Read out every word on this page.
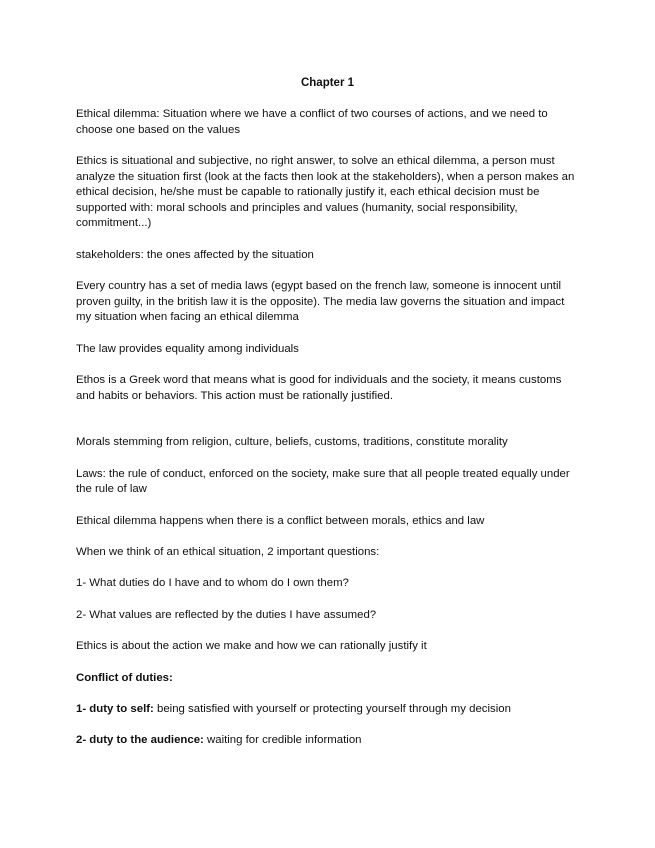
Chapter 1

Ethical dilemma: Situation where we have a conflict of two courses of actions, and we need to choose one based on the values

Ethics is situational and subjective, no right answer, to solve an ethical dilemma, a person must analyze the situation first (look at the facts then look at the stakeholders), when a person makes an ethical decision, he/she must be capable to rationally justify it, each ethical decision must be supported with: moral schools and principles and values (humanity, social responsibility, commitment...)

stakeholders: the ones affected by the situation

Every country has a set of media laws (egypt based on the french law, someone is innocent until proven guilty, in the british law it is the opposite). The media law governs the situation and impact my situation when facing an ethical dilemma

The law provides equality among individuals

Ethos is a Greek word that means what is good for individuals and the society, it means customs and habits or behaviors. This action must be rationally justified.

Morals stemming from religion, culture, beliefs, customs, traditions, constitute morality

Laws: the rule of conduct, enforced on the society, make sure that all people treated equally under the rule of law

Ethical dilemma happens when there is a conflict between morals, ethics and law

When we think of an ethical situation, 2 important questions:

1- What duties do I have and to whom do I own them?

2- What values are reflected by the duties I have assumed?

Ethics is about the action we make and how we can rationally justify it

Conflict of duties:

1- duty to self: being satisfied with yourself or protecting yourself through my decision

2- duty to the audience: waiting for credible information
